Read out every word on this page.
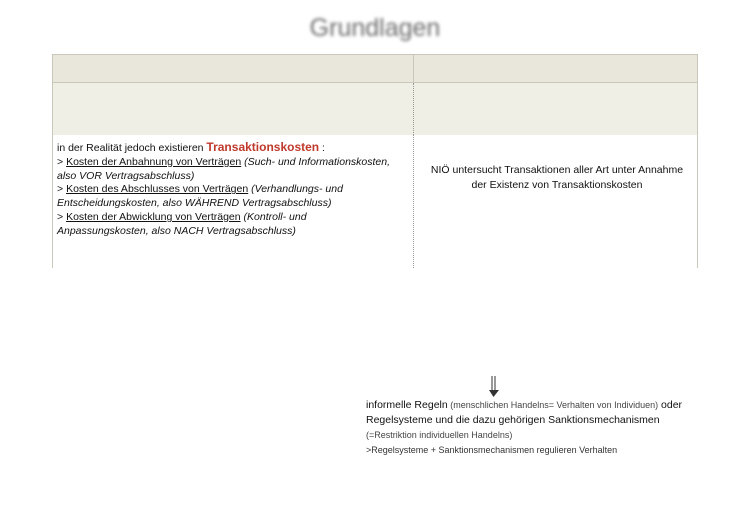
Grundlagen
in der Realität jedoch existieren Transaktionskosten :
> Kosten der Anbahnung von Verträgen (Such- und Informationskosten, also VOR Vertragsabschluss)
> Kosten des Abschlusses von Verträgen (Verhandlungs- und Entscheidungskosten, also WÄHREND Vertragsabschluss)
> Kosten der Abwicklung von Verträgen (Kontroll- und Anpassungskosten, also NACH Vertragsabschluss)
NIÖ untersucht Transaktionen aller Art unter Annahme der Existenz von Transaktionskosten
informelle Regeln (menschlichen Handelns= Verhalten von Individuen) oder Regelsysteme und die dazu gehörigen Sanktionsmechanismen (=Restriktion individuellen Handelns)
>Regelsysteme + Sanktionsmechanismen regulieren Verhalten
